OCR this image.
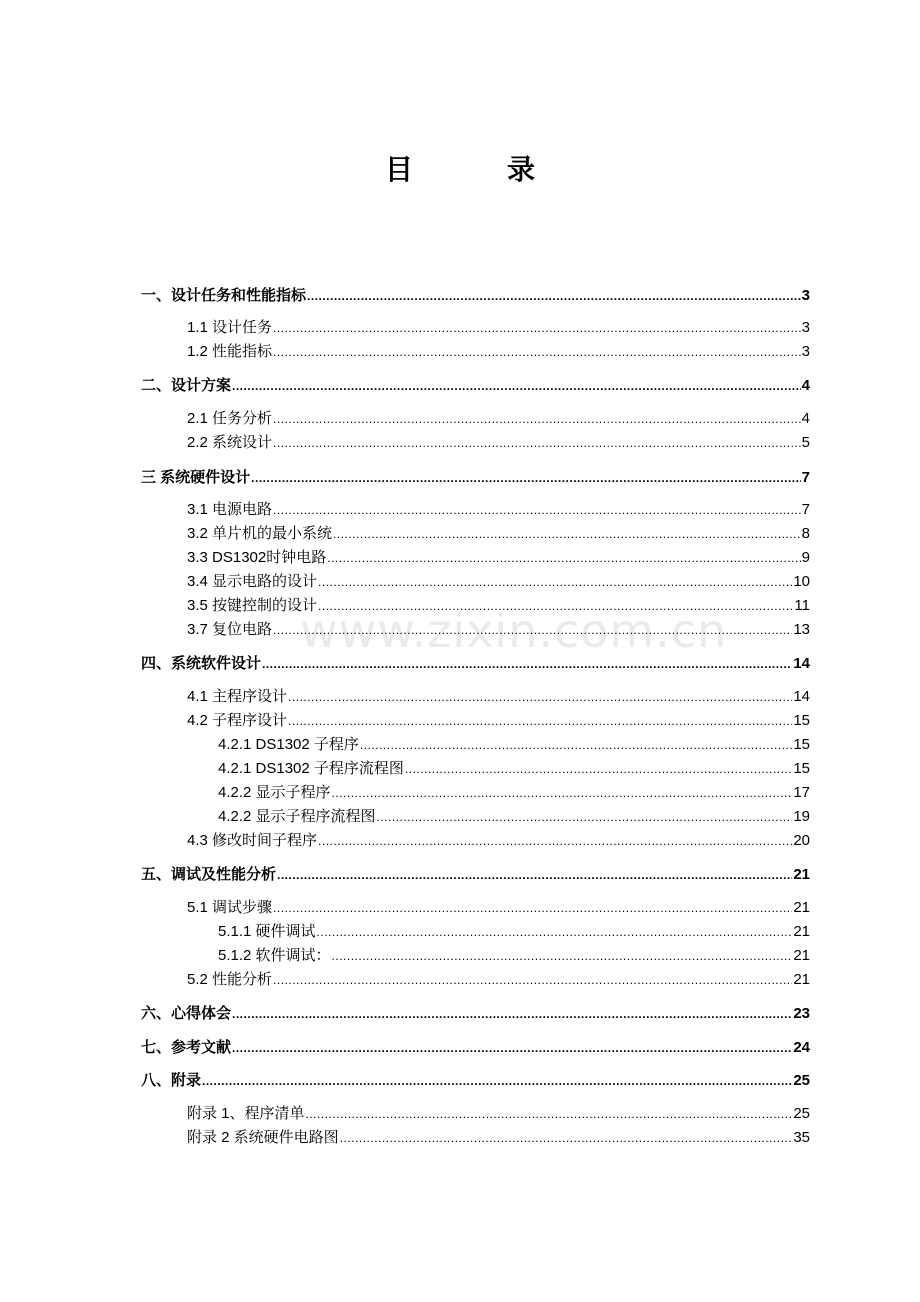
目	录
www.zixin.com.cn
一、设计任务和性能指标 .....	3
1.1 设计任务 .....	3
1.2 性能指标 .....	3
二、设计方案 .....	4
2.1 任务分析 .....	4
2.2 系统设计 .....	5
三 系统硬件设计 .....	7
3.1 电源电路 .....	7
3.2 单片机的最小系统 .....	8
3.3 DS1302时钟电路 .....	9
3.4 显示电路的设计 .....	10
3.5 按键控制的设计 .....	11
3.7 复位电路 .....	13
四、系统软件设计 .....	14
4.1 主程序设计 .....	14
4.2 子程序设计 .....	15
4.2.1 DS1302 子程序 .....	15
4.2.1 DS1302 子程序流程图 .....	15
4.2.2 显示子程序 .....	17
4.2.2 显示子程序流程图 .....	19
4.3 修改时间子程序 .....	20
五、调试及性能分析 .....	21
5.1 调试步骤 .....	21
5.1.1 硬件调试 .....	21
5.1.2 软件调试： .....	21
5.2 性能分析 .....	21
六、心得体会 .....	23
七、参考文献 .....	24
八、附录 .....	25
附录 1、程序清单 .....	25
附录 2 系统硬件电路图 .....	35
